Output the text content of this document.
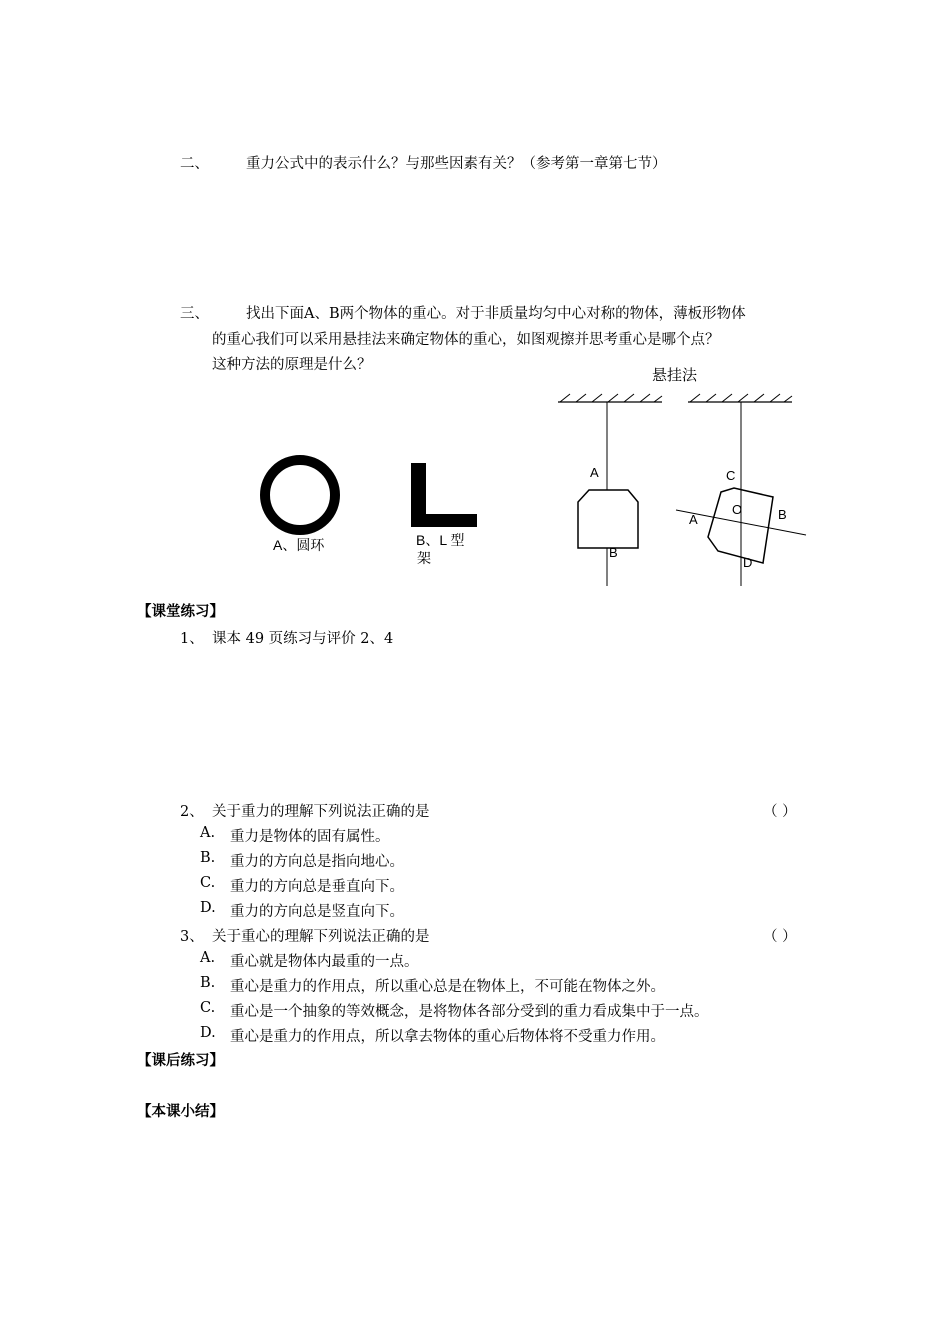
二、	重力公式中的表示什么？与那些因素有关？（参考第一章第七节）
三、	找出下面A、B两个物体的重心。对于非质量均匀中心对称的物体，薄板形物体
的重心我们可以采用悬挂法来确定物体的重心，如图观擦并思考重心是哪个点？
这种方法的原理是什么？
A、圆环	B、L 型
架
悬挂法
A
B
C
O	B
A
D
【课堂练习】
1、 课本 49 页练习与评价 2、4
2、 关于重力的理解下列说法正确的是	（ ）
A. 重力是物体的固有属性。
B. 重力的方向总是指向地心。
C. 重力的方向总是垂直向下。
D. 重力的方向总是竖直向下。
3、 关于重心的理解下列说法正确的是	（ ）
A. 重心就是物体内最重的一点。
B. 重心是重力的作用点，所以重心总是在物体上，不可能在物体之外。
C. 重心是一个抽象的等效概念，是将物体各部分受到的重力看成集中于一点。
D. 重心是重力的作用点，所以拿去物体的重心后物体将不受重力作用。
【课后练习】
【本课小结】
